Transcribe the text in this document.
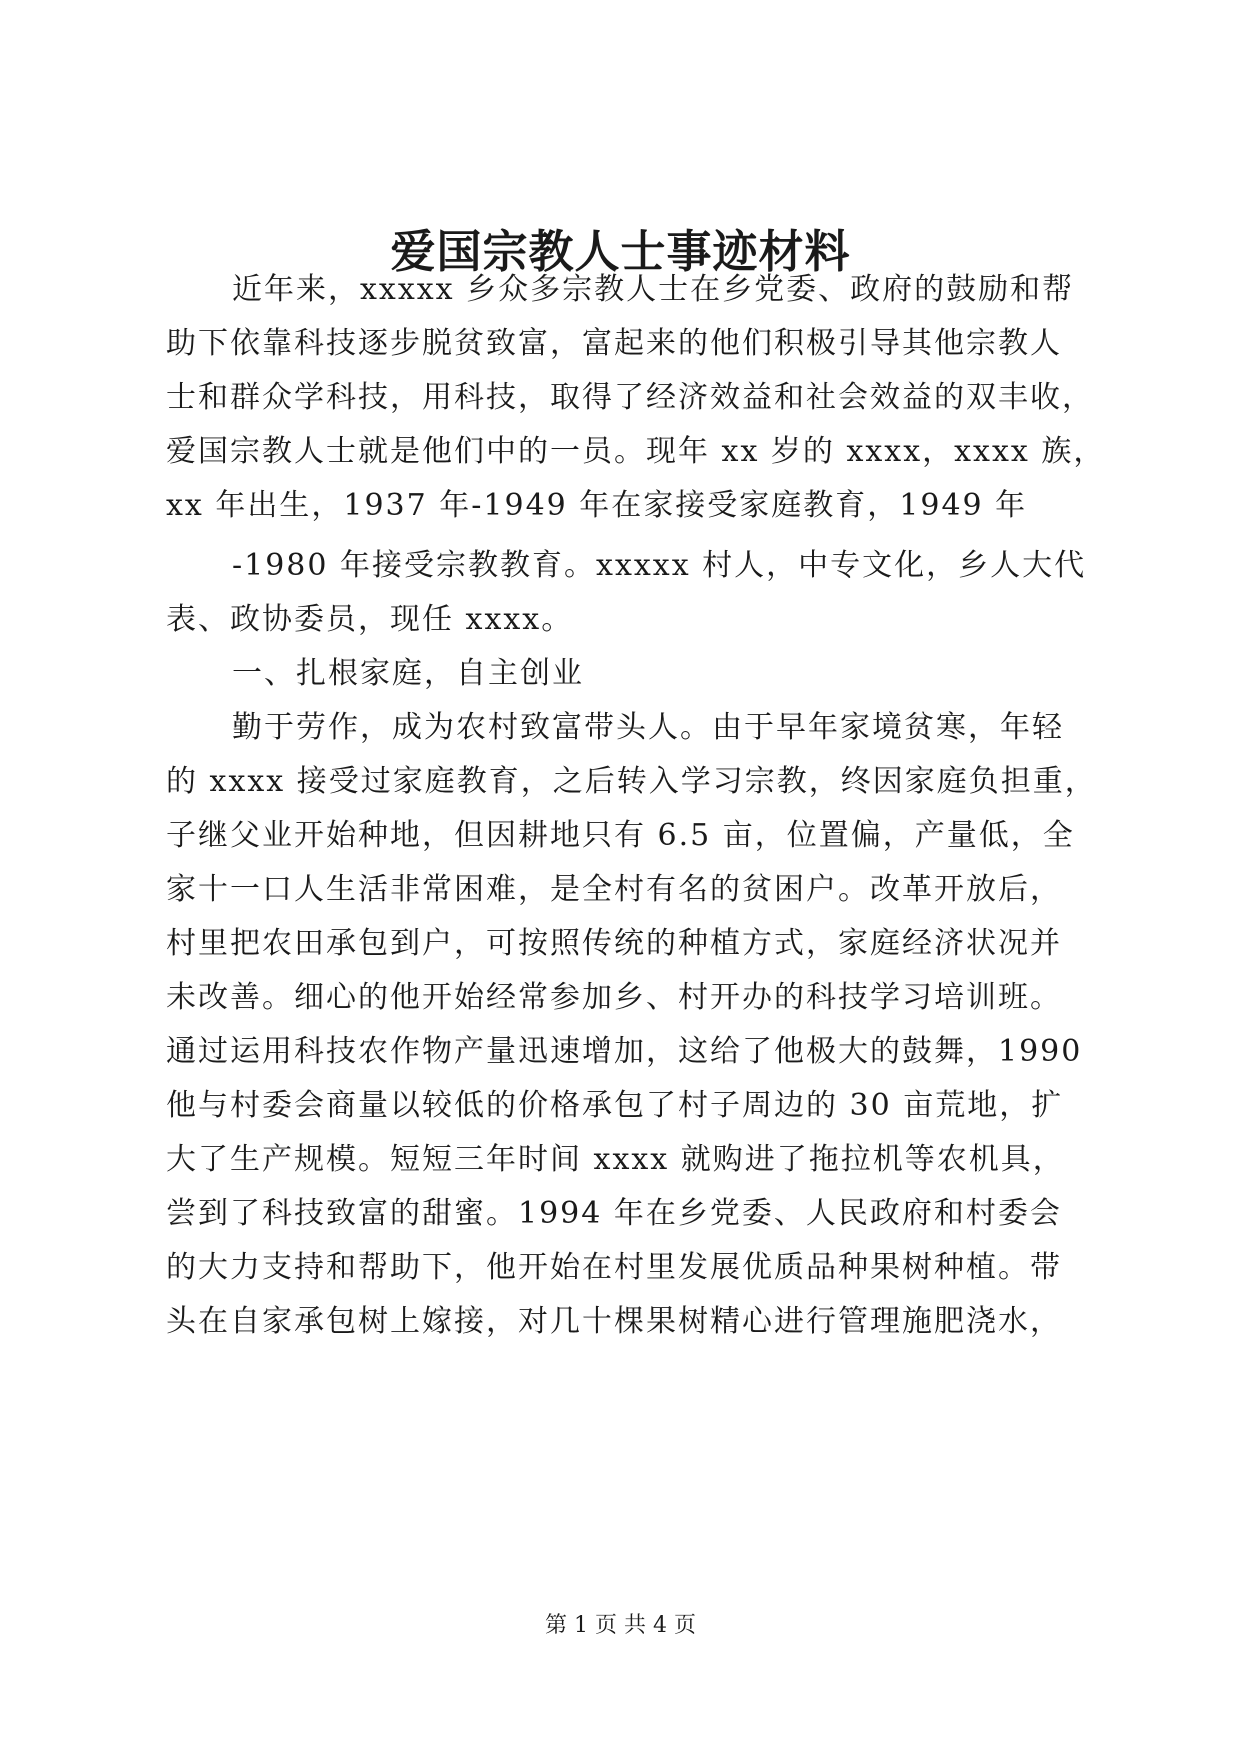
爱国宗教人士事迹材料

近年来，xxxxx 乡众多宗教人士在乡党委、政府的鼓励和帮

助下依靠科技逐步脱贫致富，富起来的他们积极引导其他宗教人

士和群众学科技，用科技，取得了经济效益和社会效益的双丰收，

爱国宗教人士就是他们中的一员。现年 xx 岁的 xxxx，xxxx 族，

xx 年出生，1937 年-1949 年在家接受家庭教育，1949 年

-1980 年接受宗教教育。xxxxx 村人，中专文化，乡人大代

表、政协委员，现任 xxxx。

一、扎根家庭，自主创业

勤于劳作，成为农村致富带头人。由于早年家境贫寒，年轻

的 xxxx 接受过家庭教育，之后转入学习宗教，终因家庭负担重，

子继父业开始种地，但因耕地只有 6.5 亩，位置偏，产量低，全

家十一口人生活非常困难，是全村有名的贫困户。改革开放后，

村里把农田承包到户，可按照传统的种植方式，家庭经济状况并

未改善。细心的他开始经常参加乡、村开办的科技学习培训班。

通过运用科技农作物产量迅速增加，这给了他极大的鼓舞，1990

他与村委会商量以较低的价格承包了村子周边的 30 亩荒地，扩

大了生产规模。短短三年时间 xxxx 就购进了拖拉机等农机具，

尝到了科技致富的甜蜜。1994 年在乡党委、人民政府和村委会

的大力支持和帮助下，他开始在村里发展优质品种果树种植。带

头在自家承包树上嫁接，对几十棵果树精心进行管理施肥浇水，

第 1 页 共 4 页
